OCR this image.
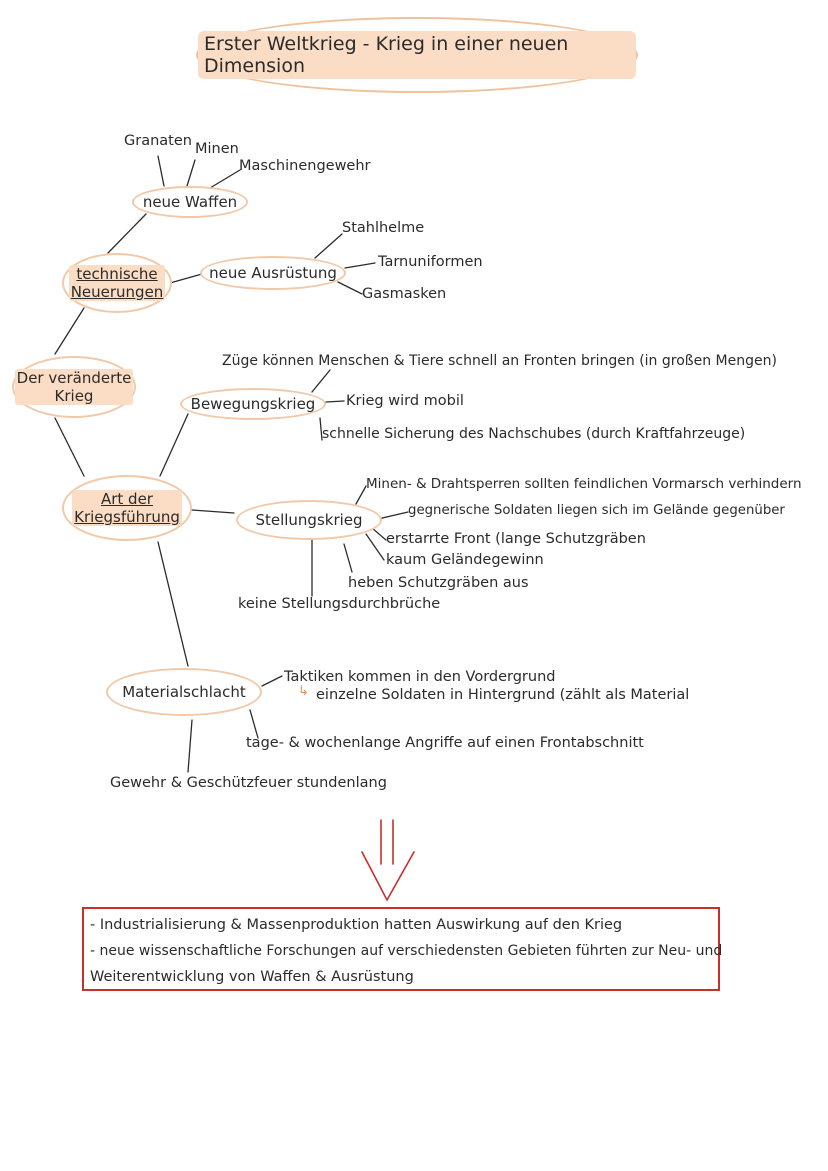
Erster Weltkrieg - Krieg in einer neuen Dimension
Der veränderte
Krieg
technische
Neuerungen
neue Waffen
neue Ausrüstung
Art der
Kriegsführung
Bewegungskrieg
Stellungskrieg
Materialschlacht
Granaten Minen
Maschinengewehr
Stahlhelme
Tarnuniformen
Gasmasken
Züge können Menschen & Tiere schnell an Fronten bringen (in großen Mengen)
Krieg wird mobil
schnelle Sicherung des Nachschubes (durch Kraftfahrzeuge)
Minen- & Drahtsperren sollten feindlichen Vormarsch verhindern
gegnerische Soldaten liegen sich im Gelände gegenüber
erstarrte Front (lange Schutzgräben
kaum Geländegewinn
heben Schutzgräben aus
keine Stellungsdurchbrüche
Taktiken kommen in den Vordergrund
↳ einzelne Soldaten in Hintergrund (zählt als Material
tage- & wochenlange Angriffe auf einen Frontabschnitt
Gewehr & Geschützfeuer stundenlang
- Industrialisierung & Massenproduktion hatten Auswirkung auf den Krieg
- neue wissenschaftliche Forschungen auf verschiedensten Gebieten führten zur Neu- und
Weiterentwicklung von Waffen & Ausrüstung
